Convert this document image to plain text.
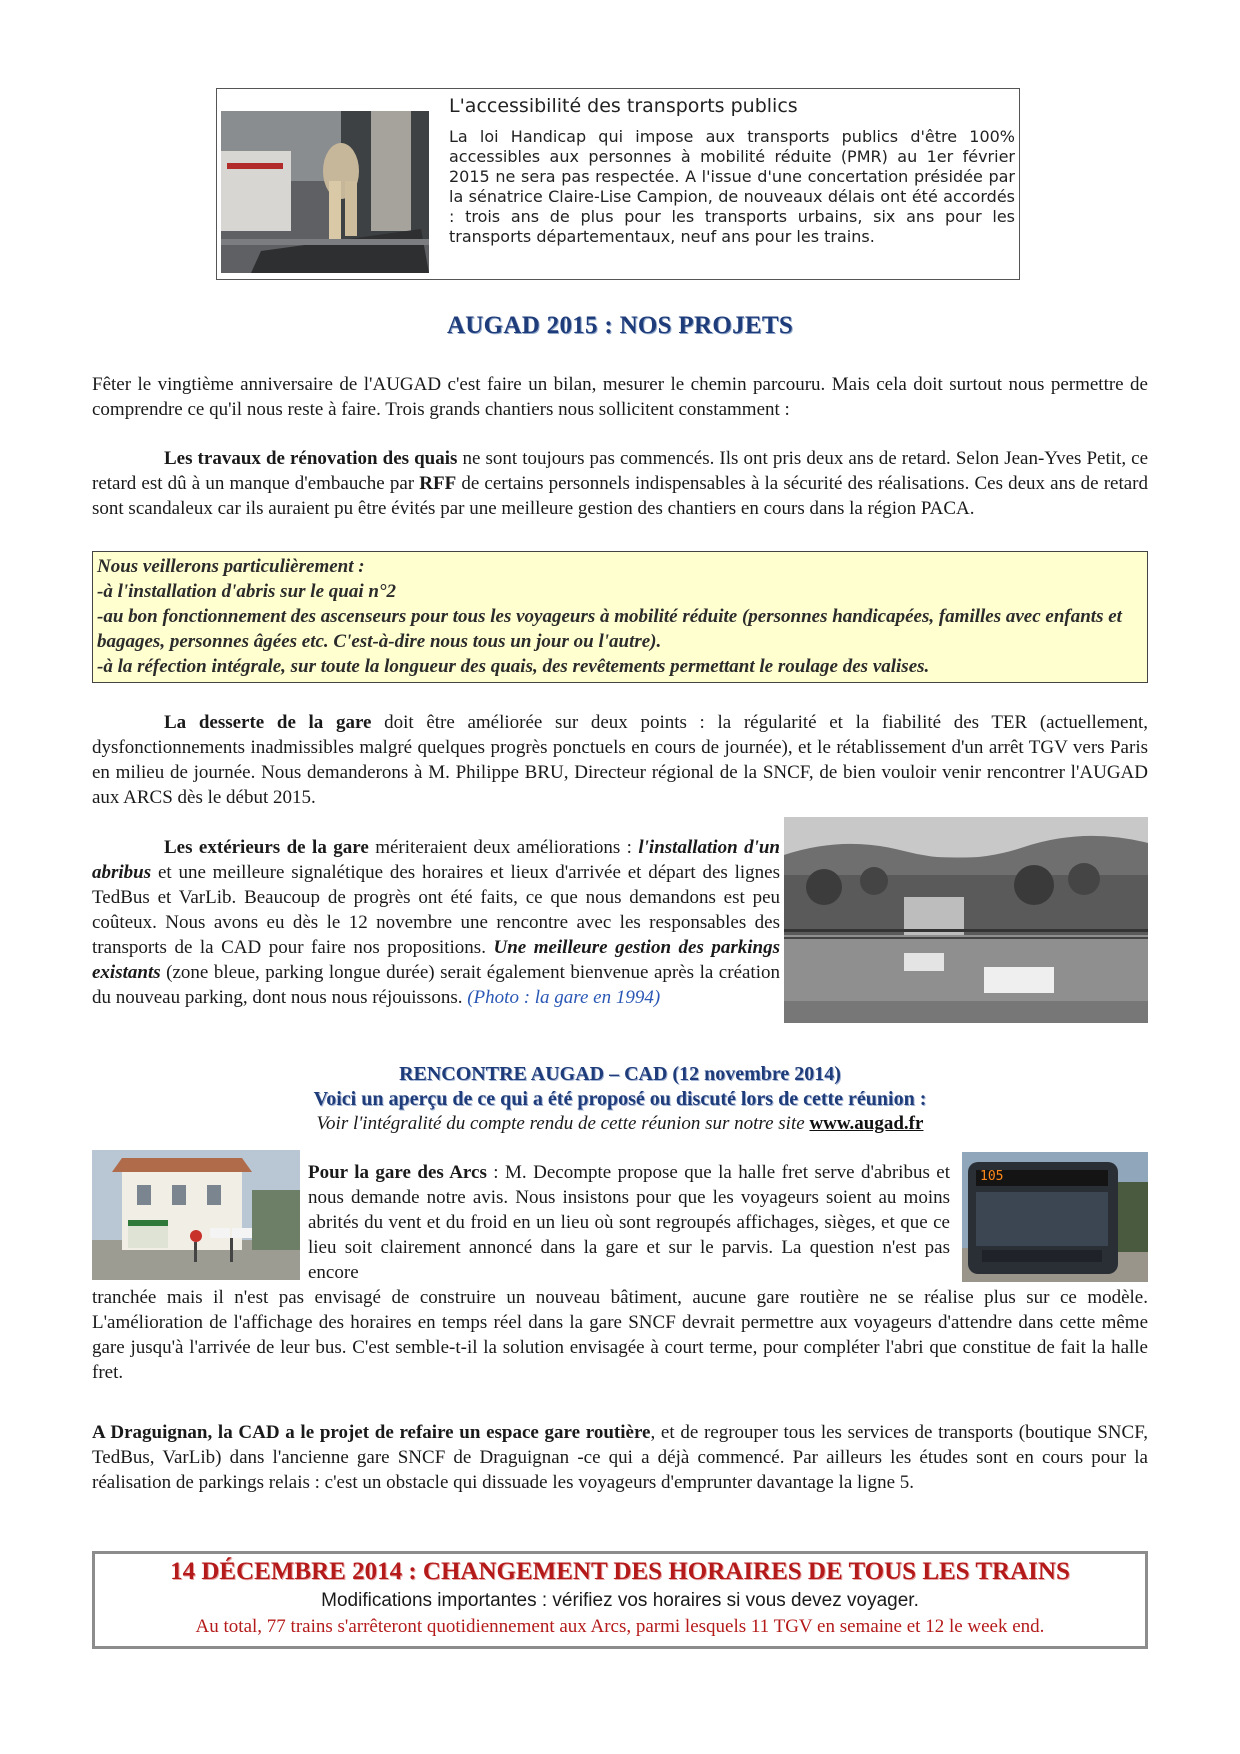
L'accessibilité des transports publics
La loi Handicap qui impose aux transports publics d'être 100% accessibles aux personnes à mobilité réduite (PMR) au 1er février 2015 ne sera pas respectée. A l'issue d'une concertation présidée par la sénatrice Claire-Lise Campion, de nouveaux délais ont été accordés : trois ans de plus pour les transports urbains, six ans pour les transports départementaux, neuf ans pour les trains.
AUGAD 2015 : NOS PROJETS

Fêter le vingtième anniversaire de l'AUGAD c'est faire un bilan, mesurer le chemin parcouru. Mais cela doit surtout nous permettre de comprendre ce qu'il nous reste à faire. Trois grands chantiers nous sollicitent constamment :

Les travaux de rénovation des quais ne sont toujours pas commencés. Ils ont pris deux ans de retard. Selon Jean-Yves Petit, ce retard est dû à un manque d'embauche par RFF de certains personnels indispensables à la sécurité des réalisations. Ces deux ans de retard sont scandaleux car ils auraient pu être évités par une meilleure gestion des chantiers en cours dans la région PACA.

Nous veillerons particulièrement :

-à l'installation d'abris sur le quai n°2

-au bon fonctionnement des ascenseurs pour tous les voyageurs à mobilité réduite (personnes handicapées, familles avec enfants et bagages, personnes âgées etc. C'est-à-dire nous tous un jour ou l'autre).

-à la réfection intégrale, sur toute la longueur des quais, des revêtements permettant le roulage des valises.

La desserte de la gare doit être améliorée sur deux points : la régularité et la fiabilité des TER (actuellement, dysfonctionnements inadmissibles malgré quelques progrès ponctuels en cours de journée), et le rétablissement d'un arrêt TGV vers Paris en milieu de journée. Nous demanderons à M. Philippe BRU, Directeur régional de la SNCF, de bien vouloir venir rencontrer l'AUGAD aux ARCS dès le début 2015.

Les extérieurs de la gare mériteraient deux améliorations : l'installation d'un abribus et une meilleure signalétique des horaires et lieux d'arrivée et départ des lignes TedBus et VarLib. Beaucoup de progrès ont été faits, ce que nous demandons est peu coûteux. Nous avons eu dès le 12 novembre une rencontre avec les responsables des transports de la CAD pour faire nos propositions. Une meilleure gestion des parkings existants (zone bleue, parking longue durée) serait également bienvenue après la création du nouveau parking, dont nous nous réjouissons. (Photo : la gare en 1994)

RENCONTRE AUGAD – CAD (12 novembre 2014)
Voici un aperçu de ce qui a été proposé ou discuté lors de cette réunion :
Voir l'intégralité du compte rendu de cette réunion sur notre site www.augad.fr
105

Pour la gare des Arcs : M. Decompte propose que la halle fret serve d'abribus et nous demande notre avis. Nous insistons pour que les voyageurs soient au moins abrités du vent et du froid en un lieu où sont regroupés affichages, sièges, et que ce lieu soit clairement annoncé dans la gare et sur le parvis. La question n'est pas encore

tranchée mais il n'est pas envisagé de construire un nouveau bâtiment, aucune gare routière ne se réalise plus sur ce modèle. L'amélioration de l'affichage des horaires en temps réel dans la gare SNCF devrait permettre aux voyageurs d'attendre dans cette même gare jusqu'à l'arrivée de leur bus. C'est semble-t-il la solution envisagée à court terme, pour compléter l'abri que constitue de fait la halle fret.

A Draguignan, la CAD a le projet de refaire un espace gare routière, et de regrouper tous les services de transports (boutique SNCF, TedBus, VarLib) dans l'ancienne gare SNCF de Draguignan -ce qui a déjà commencé. Par ailleurs les études sont en cours pour la réalisation de parkings relais : c'est un obstacle qui dissuade les voyageurs d'emprunter davantage la ligne 5.

14 DÉCEMBRE 2014 : CHANGEMENT DES HORAIRES DE TOUS LES TRAINS
Modifications importantes : vérifiez vos horaires si vous devez voyager.
Au total, 77 trains s'arrêteront quotidiennement aux Arcs, parmi lesquels 11 TGV en semaine et 12 le week end.
